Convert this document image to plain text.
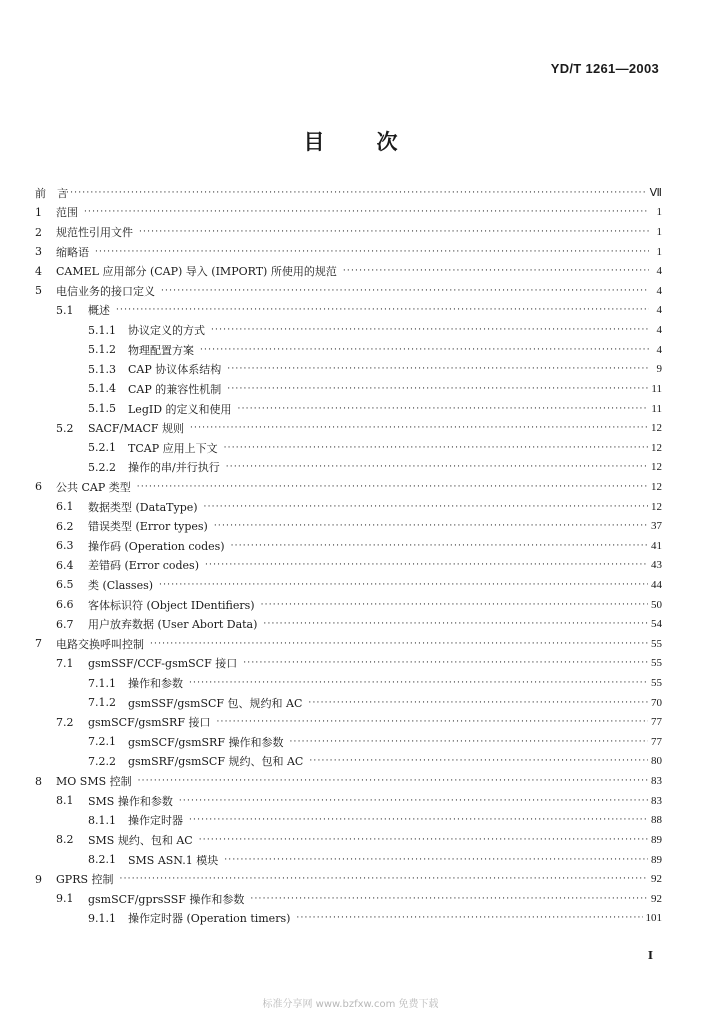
YD/T 1261—2003
目 次
前　言 ·····	Ⅶ
1	范围 ·····	1
2	规范性引用文件 ·····	1
3	缩略语 ·····	1
4	CAMEL 应用部分 (CAP) 导入 (IMPORT) 所使用的规范 ·····	4
5	电信业务的接口定义 ·····	4
5.1	概述 ·····	4
5.1.1	协议定义的方式 ·····	4
5.1.2	物理配置方案 ·····	4
5.1.3	CAP 协议体系结构 ·····	9
5.1.4	CAP 的兼容性机制 ·····	11
5.1.5	LegID 的定义和使用 ·····	11
5.2	SACF/MACF 规则 ·····	12
5.2.1	TCAP 应用上下文 ·····	12
5.2.2	操作的串/并行执行 ·····	12
6	公共 CAP 类型 ·····	12
6.1	数据类型 (DataType) ·····	12
6.2	错误类型 (Error types) ·····	37
6.3	操作码 (Operation codes) ·····	41
6.4	差错码 (Error codes) ·····	43
6.5	类 (Classes) ·····	44
6.6	客体标识符 (Object IDentifiers) ·····	50
6.7	用户放弃数据 (User Abort Data) ·····	54
7	电路交换呼叫控制 ·····	55
7.1	gsmSSF/CCF-gsmSCF 接口 ·····	55
7.1.1	操作和参数 ·····	55
7.1.2	gsmSSF/gsmSCF 包、规约和 AC ·····	70
7.2	gsmSCF/gsmSRF 接口 ·····	77
7.2.1	gsmSCF/gsmSRF 操作和参数 ·····	77
7.2.2	gsmSRF/gsmSCF 规约、包和 AC ·····	80
8	MO SMS 控制 ·····	83
8.1	SMS 操作和参数 ·····	83
8.1.1	操作定时器 ·····	88
8.2	SMS 规约、包和 AC ·····	89
8.2.1	SMS ASN.1 模块 ·····	89
9	GPRS 控制 ·····	92
9.1	gsmSCF/gprsSSF 操作和参数 ·····	92
9.1.1	操作定时器 (Operation timers) ·····	101
I
标准分享网 www.bzfxw.com 免费下载
